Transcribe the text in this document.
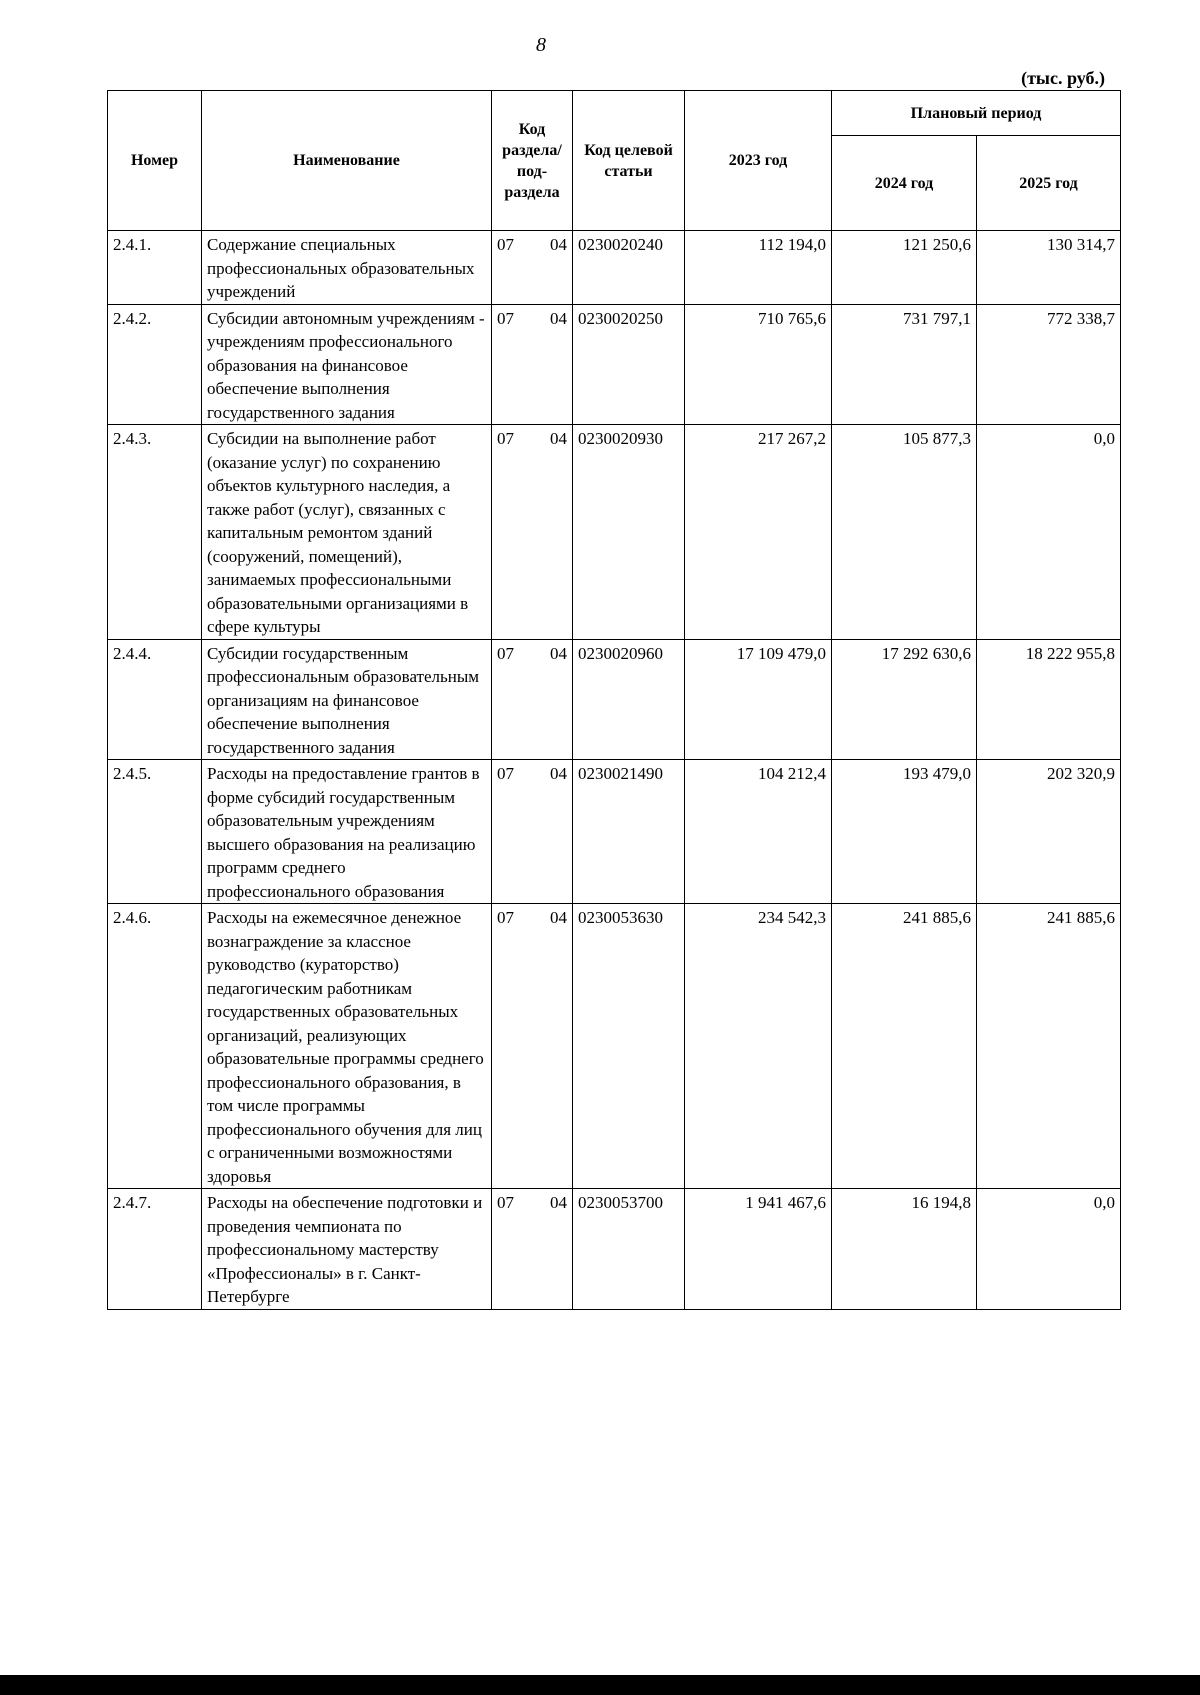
8
(тыс. руб.)
Номер	Наименование	Код раздела/ под-раздела	Код целевой статьи	2023 год	Плановый период	
					2024 год	2025 год
2.4.1.	Содержание специальных профессиональных образовательных учреждений	07 04	0230020240	112 194,0	121 250,6	130 314,7
2.4.2.	Субсидии автономным учреждениям - учреждениям профессионального образования на финансовое обеспечение выполнения государственного задания	07 04	0230020250	710 765,6	731 797,1	772 338,7
2.4.3.	Субсидии на выполнение работ (оказание услуг) по сохранению объектов культурного наследия, а также работ (услуг), связанных с капитальным ремонтом зданий (сооружений, помещений), занимаемых профессиональными образовательными организациями в сфере культуры	07 04	0230020930	217 267,2	105 877,3	0,0
2.4.4.	Субсидии государственным профессиональным образовательным организациям на финансовое обеспечение выполнения государственного задания	07 04	0230020960	17 109 479,0	17 292 630,6	18 222 955,8
2.4.5.	Расходы на предоставление грантов в форме субсидий государственным образовательным учреждениям высшего образования на реализацию программ среднего профессионального образования	07 04	0230021490	104 212,4	193 479,0	202 320,9
2.4.6.	Расходы на ежемесячное денежное вознаграждение за классное руководство (кураторство) педагогическим работникам государственных образовательных организаций, реализующих образовательные программы среднего профессионального образования, в том числе программы профессионального обучения для лиц с ограниченными возможностями здоровья	07 04	0230053630	234 542,3	241 885,6	241 885,6
2.4.7.	Расходы на обеспечение подготовки и проведения чемпионата по профессиональному мастерству «Профессионалы» в г. Санкт-Петербурге	07 04	0230053700	1 941 467,6	16 194,8	0,0
